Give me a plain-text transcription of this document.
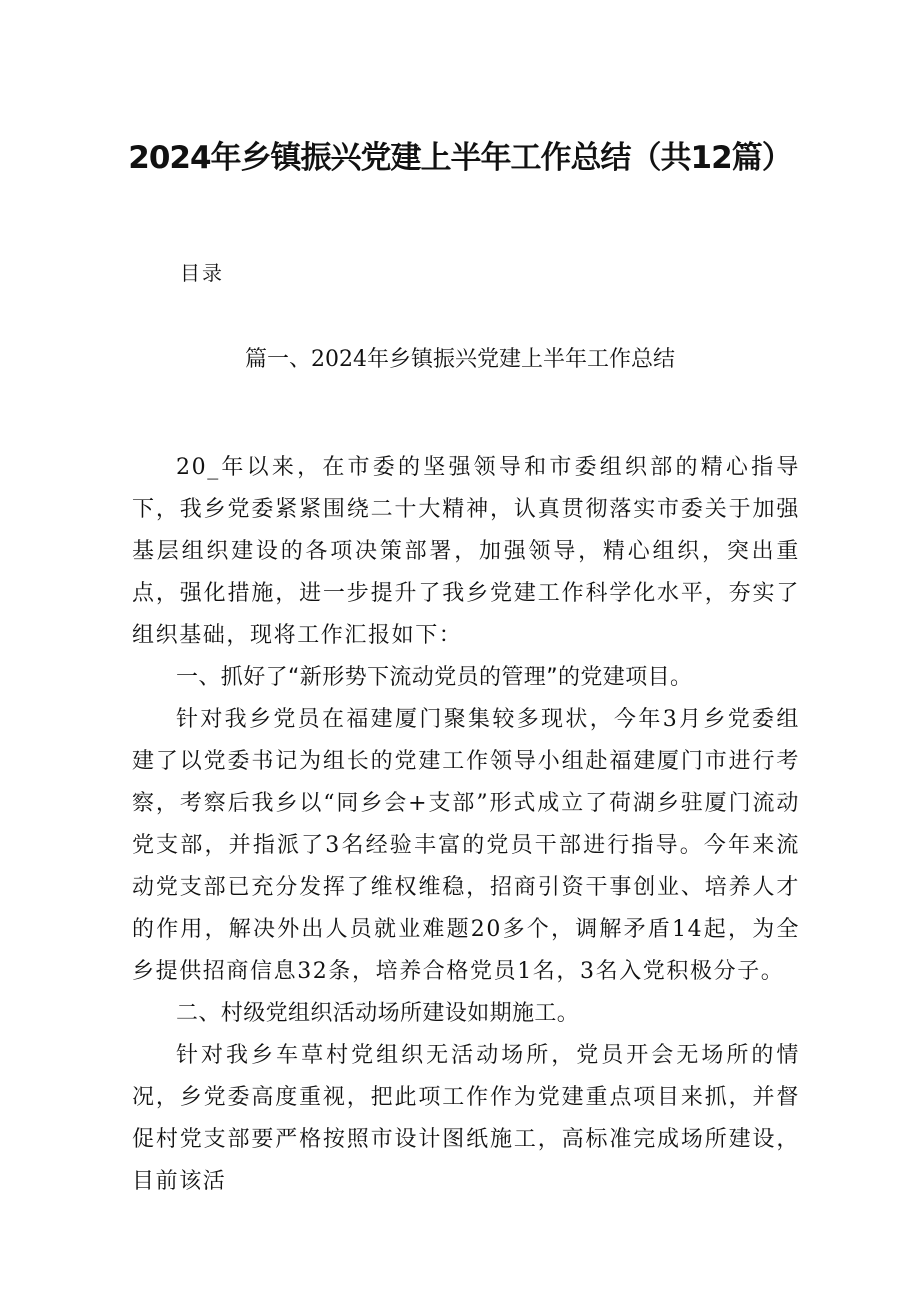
2024年乡镇振兴党建上半年工作总结（共12篇）
目录
篇一、2024年乡镇振兴党建上半年工作总结

20_年以来，在市委的坚强领导和市委组织部的精心指导下，我乡党委紧紧围绕二十大精神，认真贯彻落实市委关于加强基层组织建设的各项决策部署，加强领导，精心组织，突出重点，强化措施，进一步提升了我乡党建工作科学化水平，夯实了组织基础，现将工作汇报如下：

一、抓好了“新形势下流动党员的管理”的党建项目。

针对我乡党员在福建厦门聚集较多现状，今年3月乡党委组建了以党委书记为组长的党建工作领导小组赴福建厦门市进行考察，考察后我乡以“同乡会+支部”形式成立了荷湖乡驻厦门流动党支部，并指派了3名经验丰富的党员干部进行指导。今年来流动党支部已充分发挥了维权维稳，招商引资干事创业、培养人才的作用，解决外出人员就业难题20多个，调解矛盾14起，为全乡提供招商信息32条，培养合格党员1名，3名入党积极分子。

二、村级党组织活动场所建设如期施工。

针对我乡车草村党组织无活动场所，党员开会无场所的情况，乡党委高度重视，把此项工作作为党建重点项目来抓，并督促村党支部要严格按照市设计图纸施工，高标准完成场所建设，目前该活
